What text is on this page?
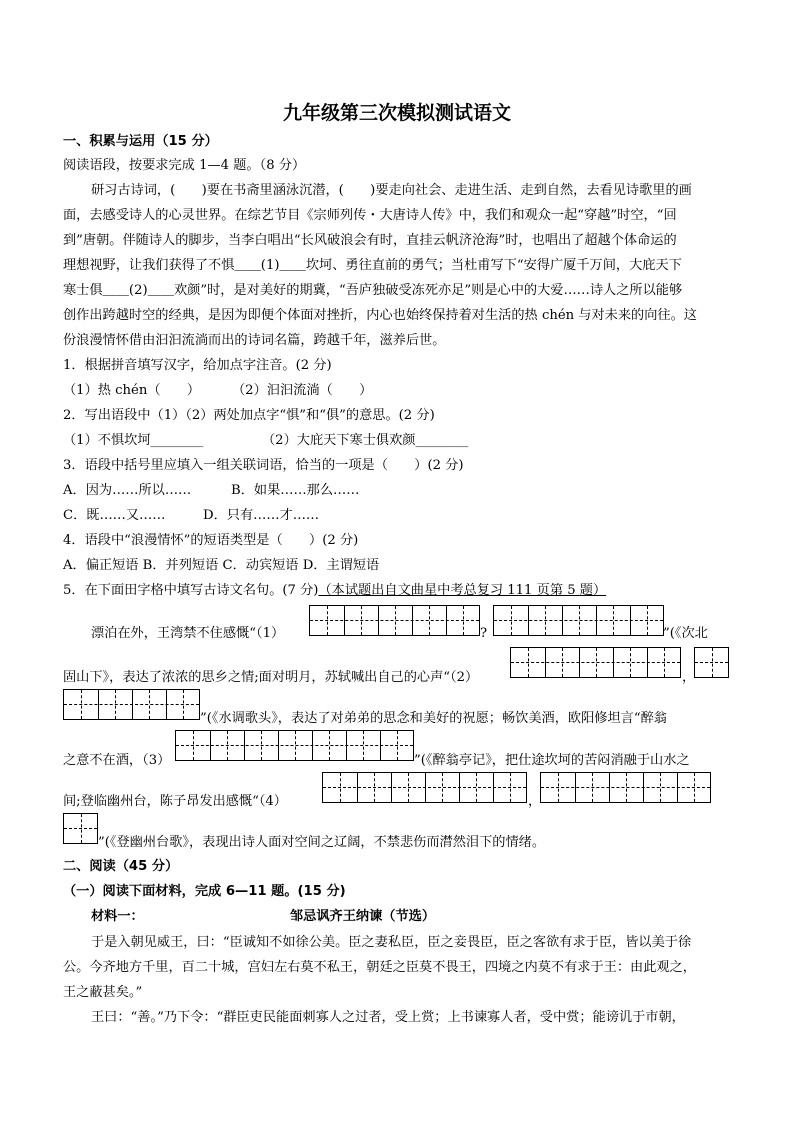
九年级第三次模拟测试语文
一、积累与运用（15 分）
阅读语段，按要求完成 1—4 题。（8 分）
研习古诗词，(　　)要在书斋里涵泳沉潜，(　　)要走向社会、走进生活、走到自然，去看见诗歌里的画
面，去感受诗人的心灵世界。在综艺节目《宗师列传・大唐诗人传》中，我们和观众一起“穿越”时空，“回
到”唐朝。伴随诗人的脚步，当李白唱出“长风破浪会有时，直挂云帆济沧海”时，也唱出了超越个体命运的
理想视野，让我们获得了不惧＿＿(1)＿＿坎坷、勇往直前的勇气；当杜甫写下“安得广厦千万间，大庇天下
寒士俱＿＿(2)＿＿欢颜”时，是对美好的期冀，“吾庐独破受冻死亦足”则是心中的大爱……诗人之所以能够
创作出跨越时空的经典，是因为即便个体面对挫折，内心也始终保持着对生活的热 chén 与对未来的向往。这
份浪漫情怀借由汩汩流淌而出的诗词名篇，跨越千年，滋养后世。
1．根据拼音填写汉字，给加点字注音。(2 分)
（1）热 chén（　　） （2）汩汩流淌（　　）
2．写出语段中（1）（2）两处加点字“惧”和“俱”的意思。(2 分)
（1）不惧坎坷________	（2）大庇天下寒士俱欢颜________
3．语段中括号里应填入一组关联词语，恰当的一项是（　　）(2 分)
A．因为……所以……	B．如果……那么……
C．既……又……	D．只有……才……
4．语段中“浪漫情怀”的短语类型是（　　）(2 分)
A．偏正短语 B．并列短语 C．动宾短语 D．主谓短语
5．在下面田字格中填写古诗文名句。(7 分)（本试题出自文曲星中考总复习 111 页第 5 题）
漂泊在外，王湾禁不住感慨“（1）	?	”(《次北
固山下》，表达了浓浓的思乡之情;面对明月，苏轼喊出自己的心声“（2）	，
”(《水调歌头》，表达了对弟弟的思念和美好的祝愿；畅饮美酒，欧阳修坦言“醉翁
之意不在酒，（3）	”(《醉翁亭记》，把仕途坎坷的苦闷消融于山水之
间;登临幽州台，陈子昂发出感慨“（4）	，
”(《登幽州台歌》，表现出诗人面对空间之辽阔，不禁悲伤而潸然泪下的情绪。
二、阅读（45 分）
（一）阅读下面材料，完成 6—11 题。(15 分)
材料一：	邹忌讽齐王纳谏（节选）
于是入朝见威王，曰：“臣诚知不如徐公美。臣之妻私臣，臣之妾畏臣，臣之客欲有求于臣，皆以美于徐
公。今齐地方千里，百二十城，宫妇左右莫不私王，朝廷之臣莫不畏王，四境之内莫不有求于王：由此观之，
王之蔽甚矣。”
王曰：“善。”乃下令：“群臣吏民能面刺寡人之过者，受上赏；上书谏寡人者，受中赏；能谤讥于市朝，
